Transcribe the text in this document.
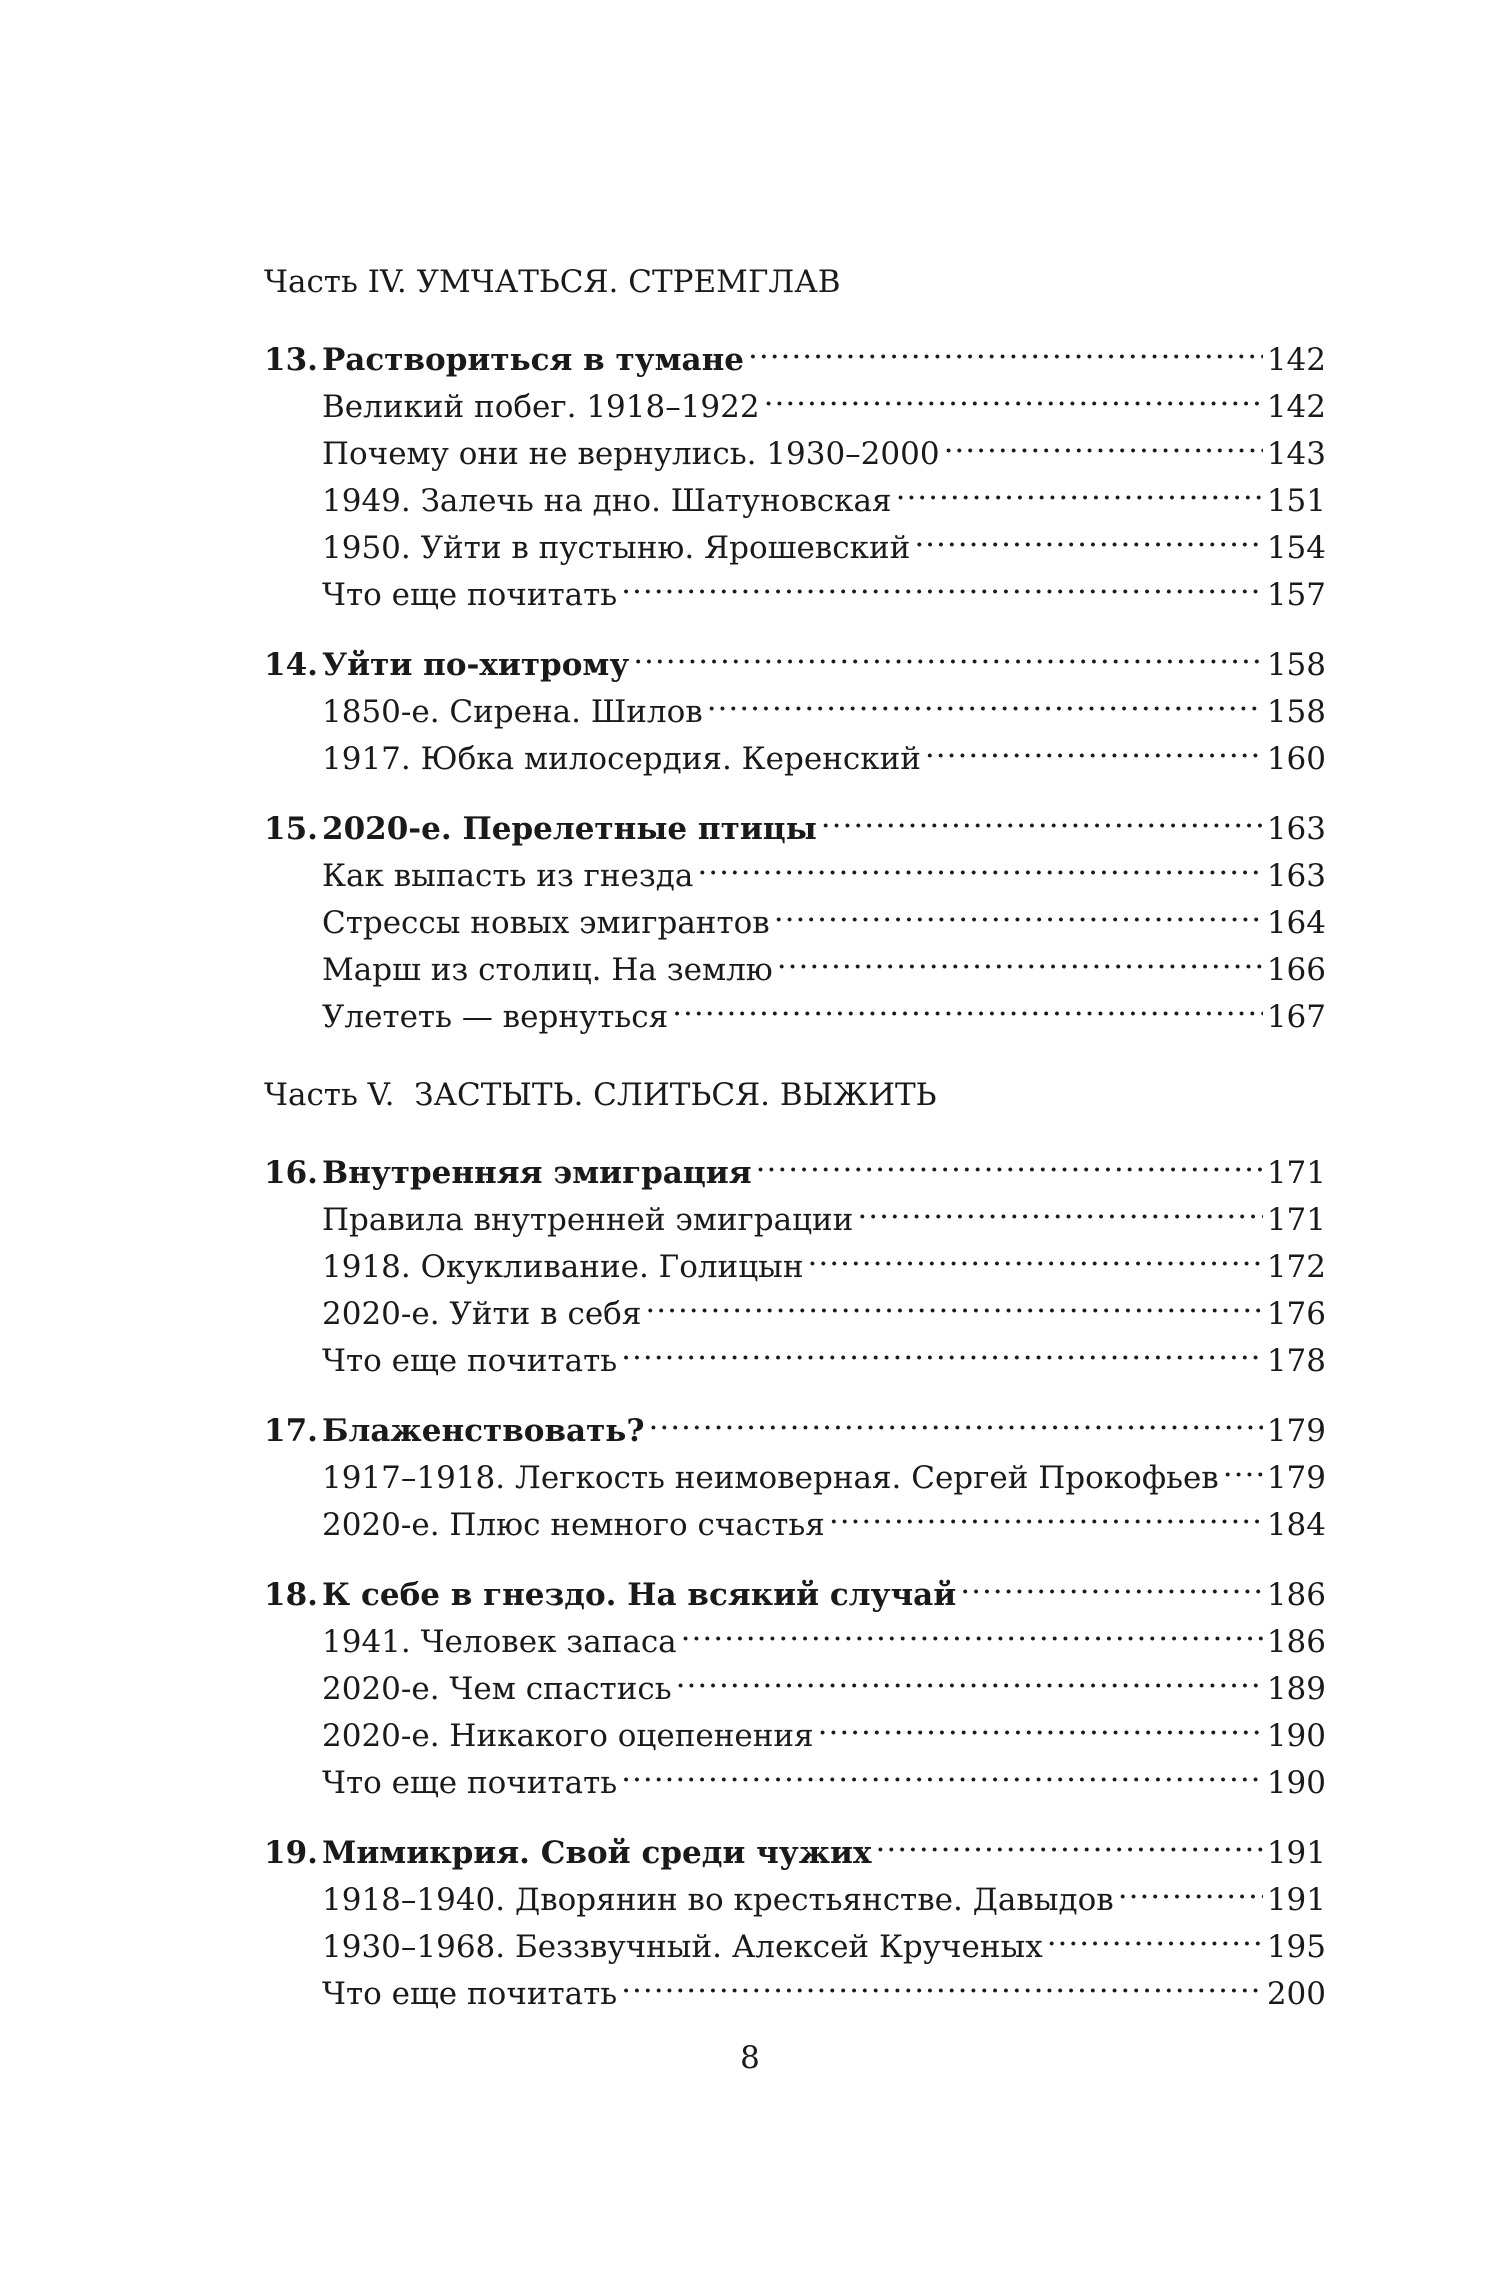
Часть IV. УМЧАТЬСЯ. СТРЕМГЛАВ
13. Раствориться в тумане .....	142
Великий побег. 1918–1922 .....	142
Почему они не вернулись. 1930–2000 .....	143
1949. Залечь на дно. Шатуновская .....	151
1950. Уйти в пустыню. Ярошевский .....	154
Что еще почитать .....	157
14. Уйти по-хитрому .....	158
1850-е. Сирена. Шилов .....	158
1917. Юбка милосердия. Керенский .....	160
15. 2020-е. Перелетные птицы .....	163
Как выпасть из гнезда .....	163
Стрессы новых эмигрантов .....	164
Марш из столиц. На землю .....	166
Улететь — вернуться .....	167
Часть V.  ЗАСТЫТЬ. СЛИТЬСЯ. ВЫЖИТЬ
16. Внутренняя эмиграция .....	171
Правила внутренней эмиграции .....	171
1918. Окукливание. Голицын .....	172
2020-е. Уйти в себя .....	176
Что еще почитать .....	178
17. Блаженствовать? .....	179
1917–1918. Легкость неимоверная. Сергей Прокофьев ..... 179
2020-е. Плюс немного счастья .....	184
18. К себе в гнездо. На всякий случай .....	186
1941. Человек запаса .....	186
2020-е. Чем спастись .....	189
2020-е. Никакого оцепенения .....	190
Что еще почитать .....	190
19. Мимикрия. Свой среди чужих .....	191
1918–1940. Дворянин во крестьянстве. Давыдов .....	191
1930–1968. Беззвучный. Алексей Крученых .....	195
Что еще почитать .....	200
8
